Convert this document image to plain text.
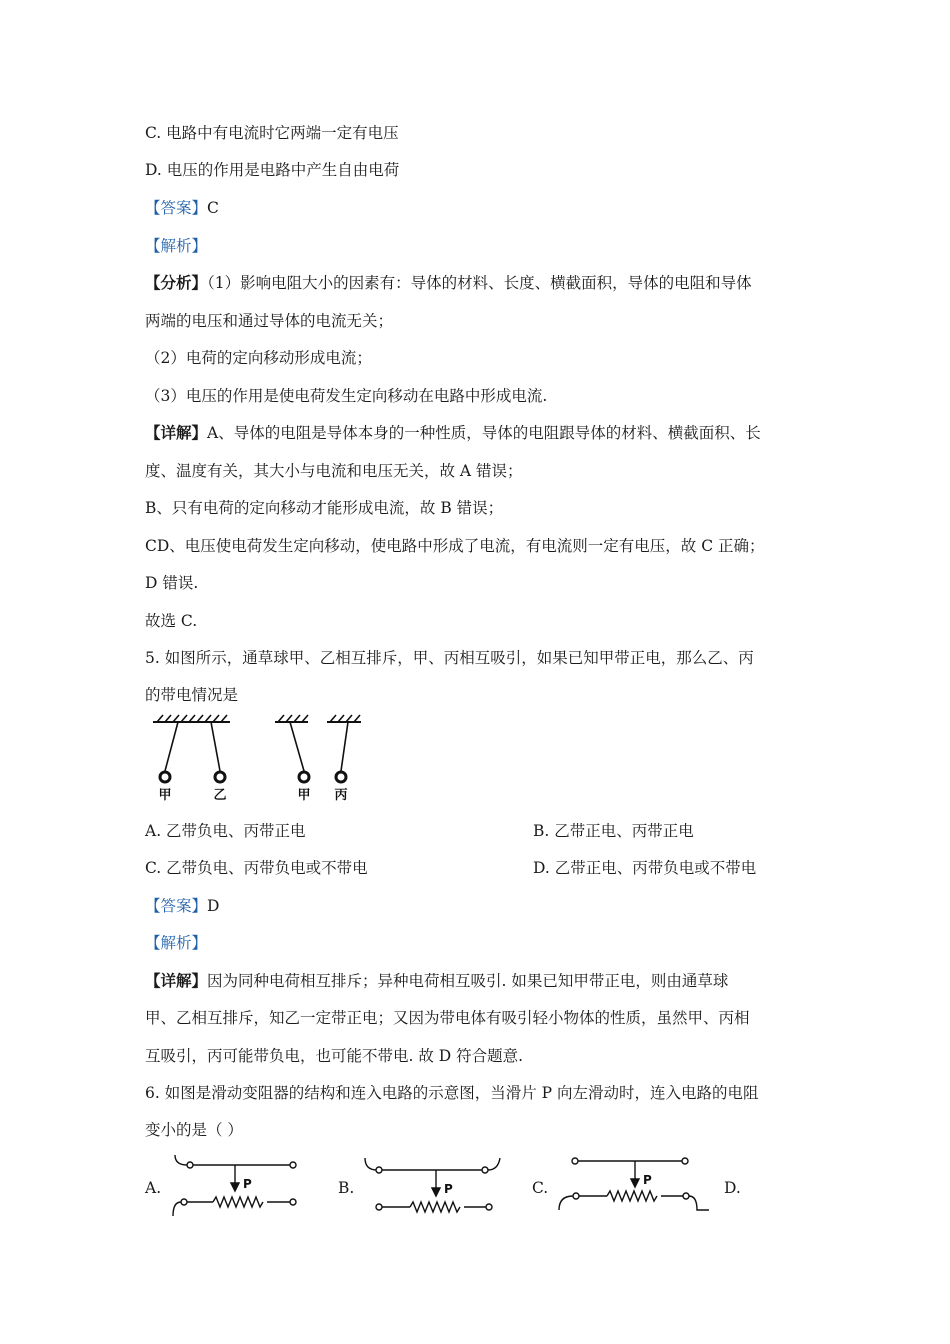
C. 电路中有电流时它两端一定有电压
D. 电压的作用是电路中产生自由电荷
【答案】C
【解析】
【分析】（1）影响电阻大小的因素有：导体的材料、长度、横截面积，导体的电阻和导体
两端的电压和通过导体的电流无关；
（2）电荷的定向移动形成电流；
（3）电压的作用是使电荷发生定向移动在电路中形成电流.
【详解】A、导体的电阻是导体本身的一种性质，导体的电阻跟导体的材料、横截面积、长
度、温度有关，其大小与电流和电压无关，故 A 错误；
B、只有电荷的定向移动才能形成电流，故 B 错误；
CD、电压使电荷发生定向移动，使电路中形成了电流，有电流则一定有电压，故 C 正确；
D 错误.
故选 C.
5. 如图所示，通草球甲、乙相互排斥，甲、丙相互吸引，如果已知甲带正电，那么乙、丙
的带电情况是
甲	乙	甲 丙
A. 乙带负电、丙带正电	B. 乙带正电、丙带正电
C. 乙带负电、丙带负电或不带电	D. 乙带正电、丙带负电或不带电
【答案】D
【解析】
【详解】因为同种电荷相互排斥；异种电荷相互吸引. 如果已知甲带正电，则由通草球
甲、乙相互排斥，知乙一定带正电；又因为带电体有吸引轻小物体的性质，虽然甲、丙相
互吸引，丙可能带负电，也可能不带电. 故 D 符合题意.
6. 如图是滑动变阻器的结构和连入电路的示意图，当滑片 P 向左滑动时，连入电路的电阻
变小的是（ ）
A.	B.	C.	D.
P	P
P
